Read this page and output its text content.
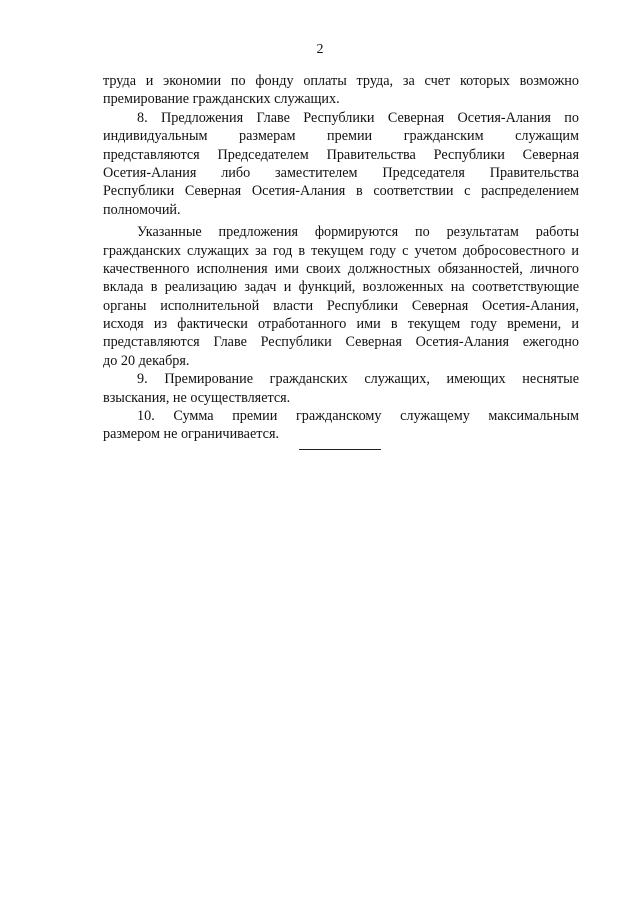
2
труда и экономии по фонду оплаты труда, за счет которых возможно
премирование гражданских служащих.
8. Предложения Главе Республики Северная Осетия-Алания по
индивидуальным размерам премии гражданским служащим
представляются Председателем Правительства Республики Северная
Осетия-Алания либо заместителем Председателя Правительства
Республики Северная Осетия-Алания в соответствии с распределением
полномочий.
Указанные предложения формируются по результатам работы
гражданских служащих за год в текущем году с учетом добросовестного и
качественного исполнения ими своих должностных обязанностей, личного
вклада в реализацию задач и функций, возложенных на соответствующие
органы исполнительной власти Республики Северная Осетия-Алания,
исходя из фактически отработанного ими в текущем году времени, и
представляются Главе Республики Северная Осетия-Алания ежегодно
до 20 декабря.
9. Премирование гражданских служащих, имеющих неснятые
взыскания, не осуществляется.
10. Сумма премии гражданскому служащему максимальным
размером не ограничивается.
